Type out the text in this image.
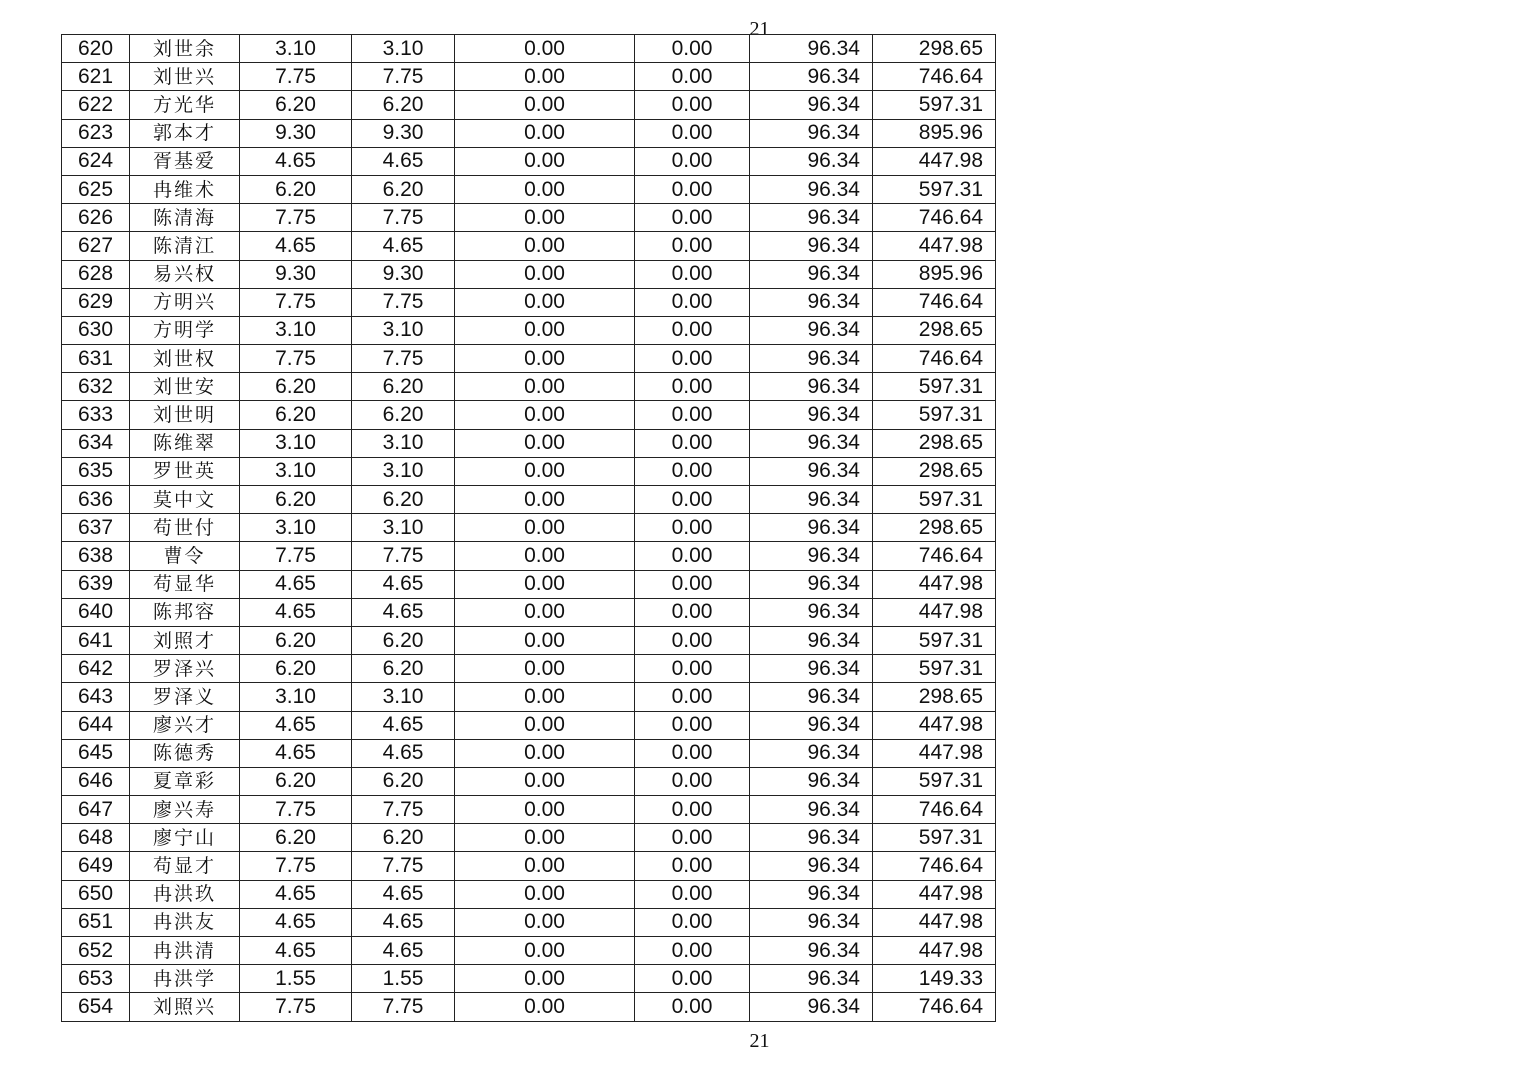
21
620	刘世余	3.10	3.10	0.00	0.00	96.34	298.65
621	刘世兴	7.75	7.75	0.00	0.00	96.34	746.64
622	方光华	6.20	6.20	0.00	0.00	96.34	597.31
623	郭本才	9.30	9.30	0.00	0.00	96.34	895.96
624	胥基爱	4.65	4.65	0.00	0.00	96.34	447.98
625	冉维术	6.20	6.20	0.00	0.00	96.34	597.31
626	陈清海	7.75	7.75	0.00	0.00	96.34	746.64
627	陈清江	4.65	4.65	0.00	0.00	96.34	447.98
628	易兴权	9.30	9.30	0.00	0.00	96.34	895.96
629	方明兴	7.75	7.75	0.00	0.00	96.34	746.64
630	方明学	3.10	3.10	0.00	0.00	96.34	298.65
631	刘世权	7.75	7.75	0.00	0.00	96.34	746.64
632	刘世安	6.20	6.20	0.00	0.00	96.34	597.31
633	刘世明	6.20	6.20	0.00	0.00	96.34	597.31
634	陈维翠	3.10	3.10	0.00	0.00	96.34	298.65
635	罗世英	3.10	3.10	0.00	0.00	96.34	298.65
636	莫中文	6.20	6.20	0.00	0.00	96.34	597.31
637	苟世付	3.10	3.10	0.00	0.00	96.34	298.65
638	曹令	7.75	7.75	0.00	0.00	96.34	746.64
639	苟显华	4.65	4.65	0.00	0.00	96.34	447.98
640	陈邦容	4.65	4.65	0.00	0.00	96.34	447.98
641	刘照才	6.20	6.20	0.00	0.00	96.34	597.31
642	罗泽兴	6.20	6.20	0.00	0.00	96.34	597.31
643	罗泽义	3.10	3.10	0.00	0.00	96.34	298.65
644	廖兴才	4.65	4.65	0.00	0.00	96.34	447.98
645	陈德秀	4.65	4.65	0.00	0.00	96.34	447.98
646	夏章彩	6.20	6.20	0.00	0.00	96.34	597.31
647	廖兴寿	7.75	7.75	0.00	0.00	96.34	746.64
648	廖宁山	6.20	6.20	0.00	0.00	96.34	597.31
649	苟显才	7.75	7.75	0.00	0.00	96.34	746.64
650	冉洪玖	4.65	4.65	0.00	0.00	96.34	447.98
651	冉洪友	4.65	4.65	0.00	0.00	96.34	447.98
652	冉洪清	4.65	4.65	0.00	0.00	96.34	447.98
653	冉洪学	1.55	1.55	0.00	0.00	96.34	149.33
654	刘照兴	7.75	7.75	0.00	0.00	96.34	746.64
21
